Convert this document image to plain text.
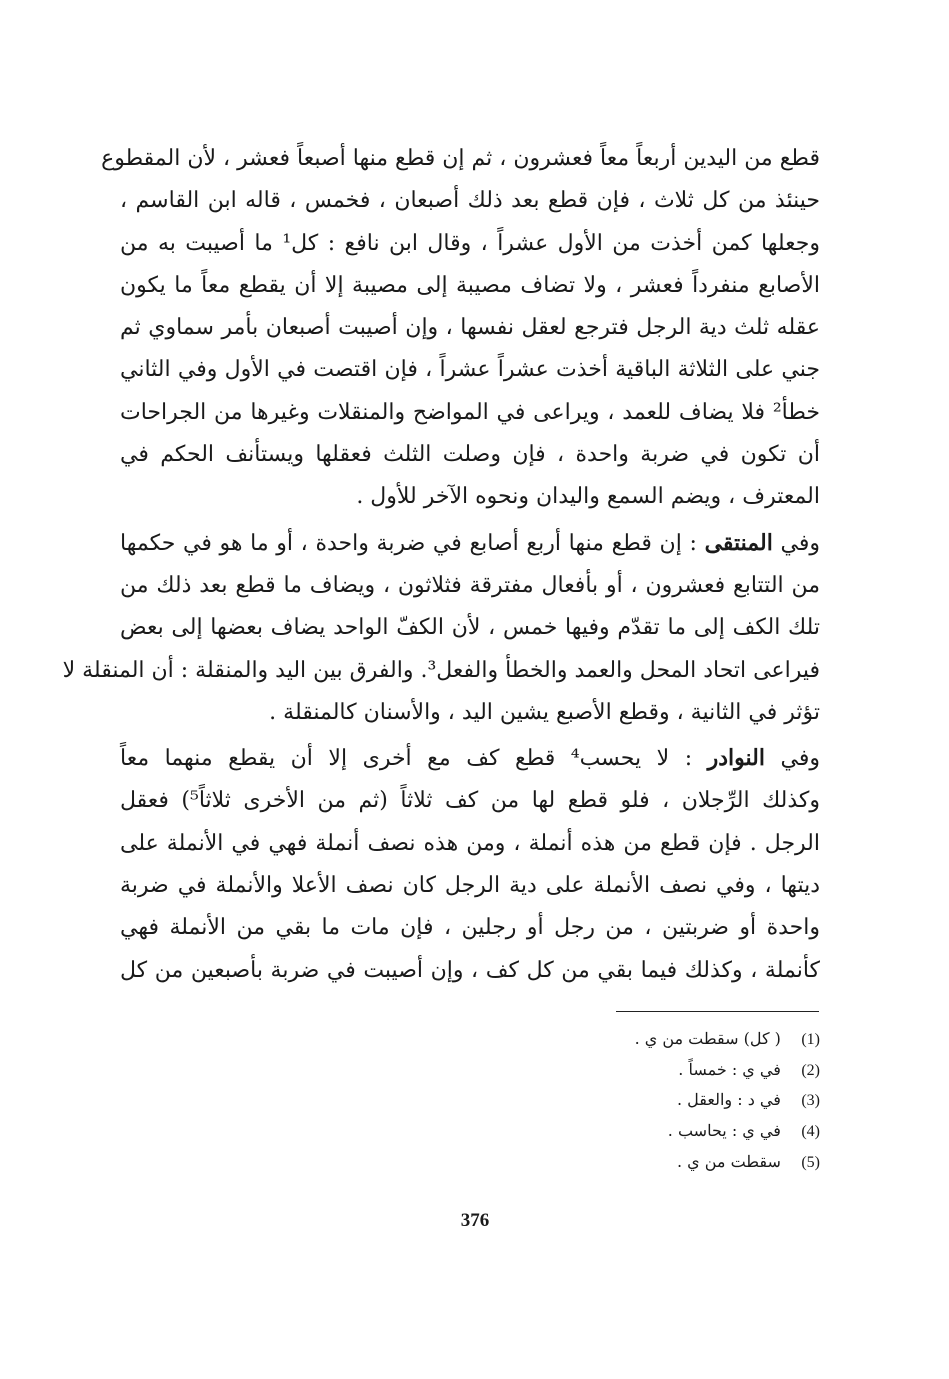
قطع من اليدين أربعاً معاً فعشرون ، ثم إن قطع منها أصبعاً فعشر ، لأن المقطوع
حينئذ من كل ثلاث ، فإن قطع بعد ذلك أصبعان ، فخمس ، قاله ابن القاسم ،
وجعلها كمن أخذت من الأول عشراً ، وقال ابن نافع : كل¹ ما أصيبت به من
الأصابع منفرداً فعشر ، ولا تضاف مصيبة إلى مصيبة إلا أن يقطع معاً ما يكون
عقله ثلث دية الرجل فترجع لعقل نفسها ، وإن أصيبت أصبعان بأمر سماوي ثم
جني على الثلاثة الباقية أخذت عشراً عشراً ، فإن اقتصت في الأول وفي الثاني
خطأ² فلا يضاف للعمد ، ويراعى في المواضح والمنقلات وغيرها من الجراحات
أن تكون في ضربة واحدة ، فإن وصلت الثلث فعقلها ويستأنف الحكم في
المعترف ، ويضم السمع واليدان ونحوه الآخر للأول .

وفي المنتقى : إن قطع منها أربع أصابع في ضربة واحدة ، أو ما هو في حكمها
من التتابع فعشرون ، أو بأفعال مفترقة فثلاثون ، ويضاف ما قطع بعد ذلك من
تلك الكف إلى ما تقدّم وفيها خمس ، لأن الكفّ الواحد يضاف بعضها إلى بعض
فيراعى اتحاد المحل والعمد والخطأ والفعل³. والفرق بين اليد والمنقلة : أن المنقلة لا
تؤثر في الثانية ، وقطع الأصبع يشين اليد ، والأسنان كالمنقلة .

وفي النوادر : لا يحسب⁴ قطع كف مع أخرى إلا أن يقطع منهما معاً
وكذلك الرِّجلان ، فلو قطع لها من كف ثلاثاً (ثم من الأخرى ثلاثاً⁵) فعقل
الرجل . فإن قطع من هذه أنملة ، ومن هذه نصف أنملة فهي في الأنملة على
ديتها ، وفي نصف الأنملة على دية الرجل كان نصف الأعلا والأنملة في ضربة
واحدة أو ضربتين ، من رجل أو رجلين ، فإن مات ما بقي من الأنملة فهي
كأنملة ، وكذلك فيما بقي من كل كف ، وإن أصيبت في ضربة بأصبعين من كل

(1) ( كل) سقطت من ي .
(2) في ي : خمساً .
(3) في د : والعقل .
(4) في ي : يحاسب .
(5) سقطت من ي .
376
